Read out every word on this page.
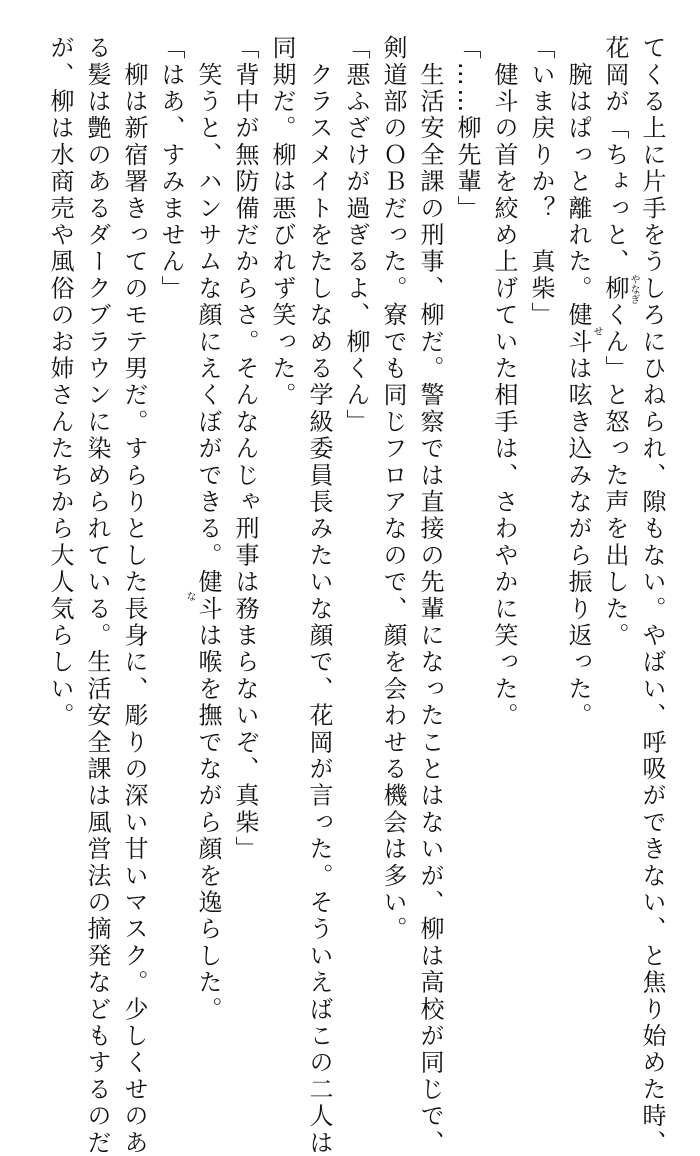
てくる上に片手をうしろにひねられ、隙もない。やばい、呼吸ができない、と焦り始めた時、
花岡が「ちょっと、柳くん」と怒った声を出した。
　腕はぱっと離れた。健斗は呟き込みながら振り返った。
「いま戻りか？　真柴」
　健斗の首を絞め上げていた相手は、さわやかに笑った。
「……柳先輩」
　生活安全課の刑事、柳だ。警察では直接の先輩になったことはないが、柳は高校が同じで、
剣道部のＯＢだった。寮でも同じフロアなので、顔を会わせる機会は多い。
「悪ふざけが過ぎるよ、柳くん」
　クラスメイトをたしなめる学級委員長みたいな顔で、花岡が言った。そういえばこの二人は
同期だ。柳は悪びれず笑った。
「背中が無防備だからさ。そんなんじゃ刑事は務まらないぞ、真柴」
　笑うと、ハンサムな顔にえくぼができる。健斗は喉を撫でながら顔を逸らした。
「はあ、すみません」
　柳は新宿署きってのモテ男だ。すらりとした長身に、彫りの深い甘いマスク。少しくせのあ
る髪は艶のあるダークブラウンに染められている。生活安全課は風営法の摘発などもするのだ
が、柳は水商売や風俗のお姉さんたちから大人気らしい。	やなぎ
せ
な
